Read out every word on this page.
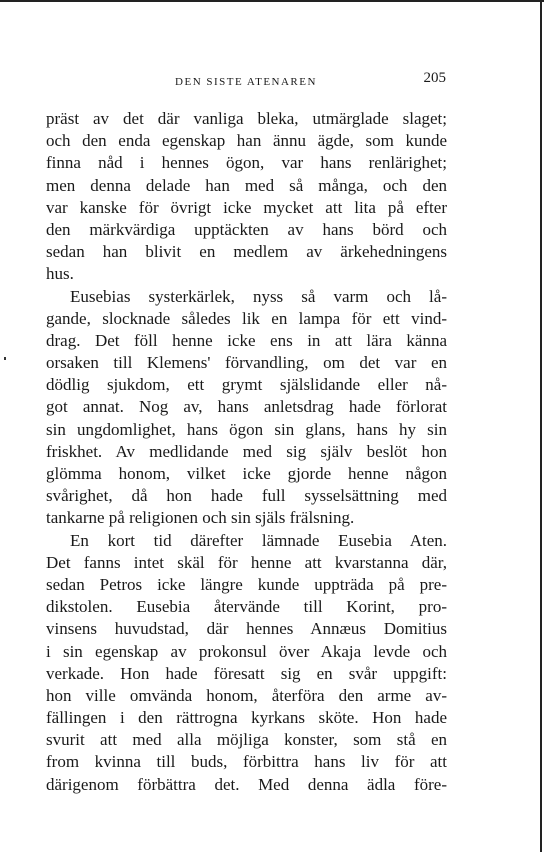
DEN SISTE ATENAREN	205
präst av det där vanliga bleka, utmärglade slaget;
och den enda egenskap han ännu ägde, som kunde
finna nåd i hennes ögon, var hans renlärighet;
men denna delade han med så många, och den
var kanske för övrigt icke mycket att lita på efter
den märkvärdiga upptäckten av hans börd och
sedan han blivit en medlem av ärkehedningens
hus.
Eusebias systerkärlek, nyss så varm och lå-
gande, slocknade således lik en lampa för ett vind-
drag. Det föll henne icke ens in att lära känna
orsaken till Klemens' förvandling, om det var en
dödlig sjukdom, ett grymt själslidande eller nå-
got annat. Nog av, hans anletsdrag hade förlorat
sin ungdomlighet, hans ögon sin glans, hans hy sin
friskhet. Av medlidande med sig själv beslöt hon
glömma honom, vilket icke gjorde henne någon
svårighet, då hon hade full sysselsättning med
tankarne på religionen och sin själs frälsning.
En kort tid därefter lämnade Eusebia Aten.
Det fanns intet skäl för henne att kvarstanna där,
sedan Petros icke längre kunde uppträda på pre-
dikstolen. Eusebia återvände till Korint, pro-
vinsens huvudstad, där hennes Annæus Domitius
i sin egenskap av prokonsul över Akaja levde och
verkade. Hon hade föresatt sig en svår uppgift:
hon ville omvända honom, återföra den arme av-
fällingen i den rättrogna kyrkans sköte. Hon hade
svurit att med alla möjliga konster, som stå en
from kvinna till buds, förbittra hans liv för att
därigenom förbättra det. Med denna ädla före-
